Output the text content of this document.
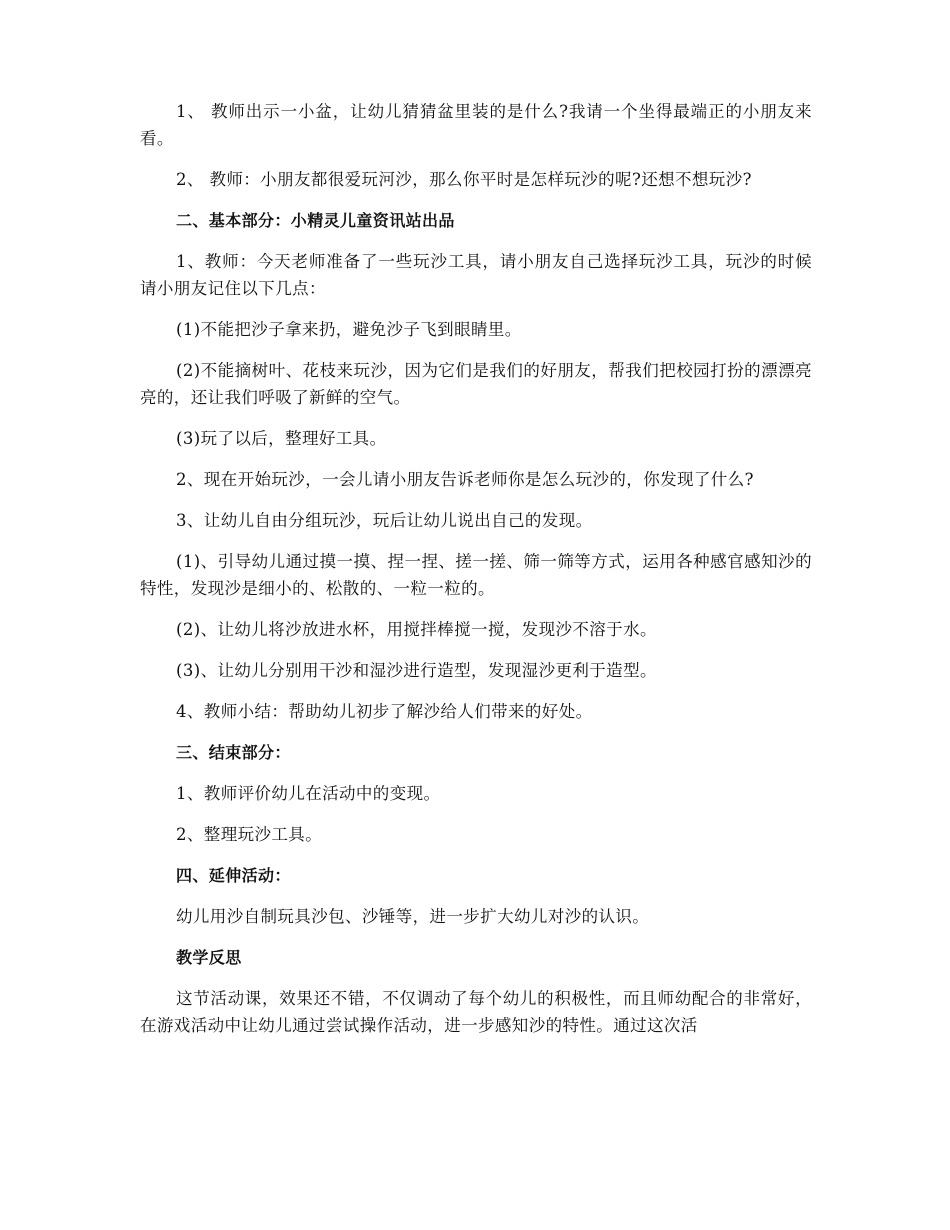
1、 教师出示一小盆，让幼儿猜猜盆里装的是什么?我请一个坐得最端正的小朋友来看。

2、 教师：小朋友都很爱玩河沙，那么你平时是怎样玩沙的呢?还想不想玩沙?

二、基本部分：小精灵儿童资讯站出品

1、教师：今天老师准备了一些玩沙工具，请小朋友自己选择玩沙工具，玩沙的时候请小朋友记住以下几点：

(1)不能把沙子拿来扔，避免沙子飞到眼睛里。

(2)不能摘树叶、花枝来玩沙，因为它们是我们的好朋友，帮我们把校园打扮的漂漂亮亮的，还让我们呼吸了新鲜的空气。

(3)玩了以后，整理好工具。

2、现在开始玩沙，一会儿请小朋友告诉老师你是怎么玩沙的，你发现了什么?

3、让幼儿自由分组玩沙，玩后让幼儿说出自己的发现。

(1)、引导幼儿通过摸一摸、捏一捏、搓一搓、筛一筛等方式，运用各种感官感知沙的特性，发现沙是细小的、松散的、一粒一粒的。

(2)、让幼儿将沙放进水杯，用搅拌棒搅一搅，发现沙不溶于水。

(3)、让幼儿分别用干沙和湿沙进行造型，发现湿沙更利于造型。

4、教师小结：帮助幼儿初步了解沙给人们带来的好处。

三、结束部分：

1、教师评价幼儿在活动中的变现。

2、整理玩沙工具。

四、延伸活动：

幼儿用沙自制玩具沙包、沙锤等，进一步扩大幼儿对沙的认识。

教学反思

这节活动课，效果还不错，不仅调动了每个幼儿的积极性，而且师幼配合的非常好，在游戏活动中让幼儿通过尝试操作活动，进一步感知沙的特性。通过这次活
